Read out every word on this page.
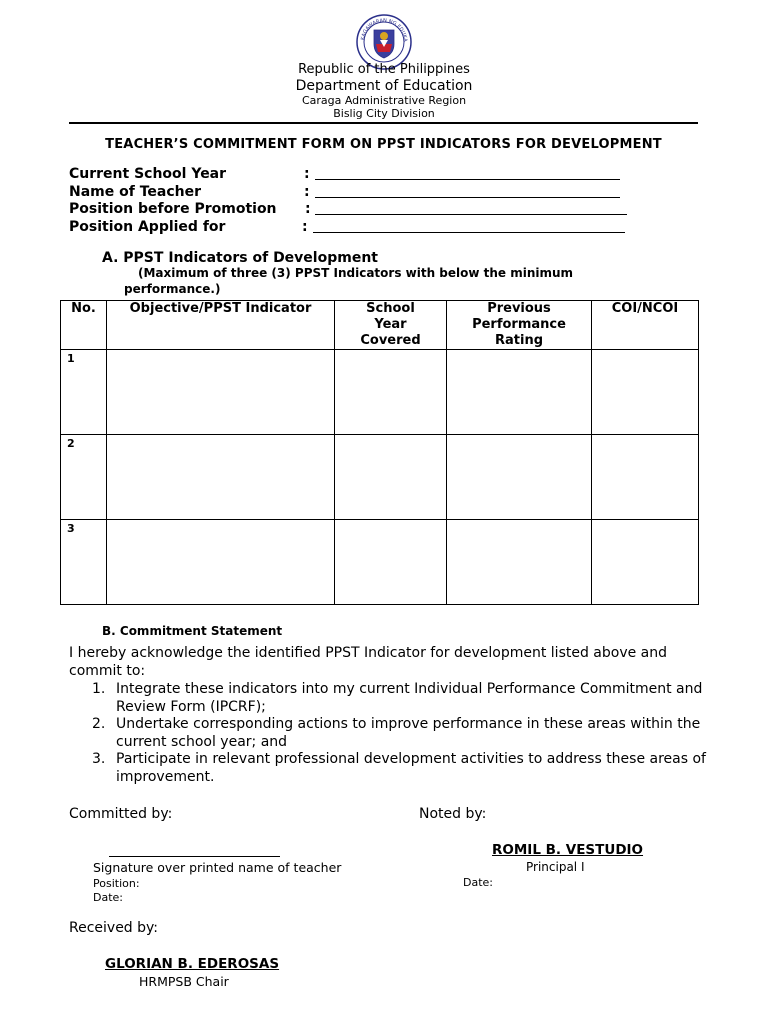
KAGAWARAN NG EDUKA
Republic of the Philippines
Department of Education
Caraga Administrative Region
Bislig City Division
TEACHER’S COMMITMENT FORM ON PPST INDICATORS FOR DEVELOPMENT
Current School Year	:
Name of Teacher	:
Position before Promotion :
Position Applied for	:
A. PPST Indicators of Development
(Maximum of three (3) PPST Indicators with below the minimum
performance.)
No.	Objective/PPST Indicator	School Year Covered	Previous Performance Rating	COI/NCOI
1				
2				
3				
B. Commitment Statement
I hereby acknowledge the identified PPST Indicator for development listed above and commit to:
1. Integrate these indicators into my current Individual Performance Commitment and Review Form (IPCRF);
2. Undertake corresponding actions to improve performance in these areas within the current school year; and
3. Participate in relevant professional development activities to address these areas of improvement.
Committed by:	Noted by:
Signature over printed name of teacher
Position:
Date:
ROMIL B. VESTUDIO
Principal I
Date:
Received by:
GLORIAN B. EDEROSAS
HRMPSB Chair
